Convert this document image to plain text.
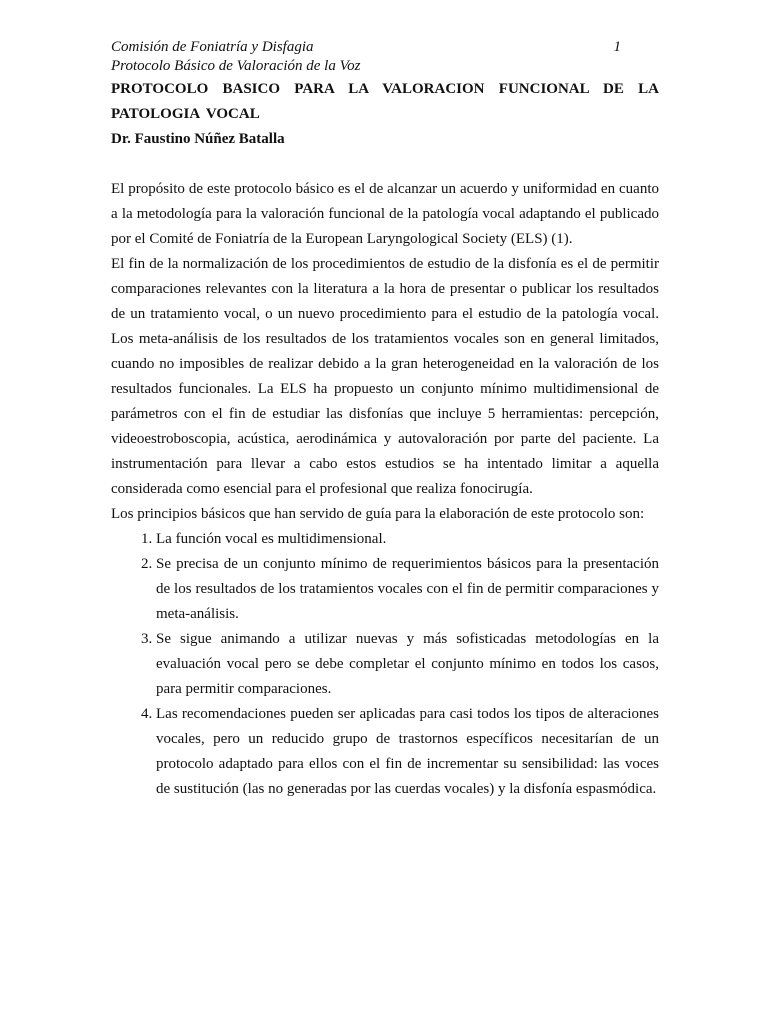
Comisión de Foniatría y Disfagia
Protocolo Básico de Valoración de la Voz
1
PROTOCOLO BASICO PARA LA VALORACION FUNCIONAL DE LA PATOLOGIA VOCAL
Dr. Faustino Núñez Batalla

El propósito de este protocolo básico es el de alcanzar un acuerdo y uniformidad en cuanto a la metodología para la valoración funcional de la patología vocal adaptando el publicado por el Comité de Foniatría de la European Laryngological Society (ELS) (1).

El fin de la normalización de los procedimientos de estudio de la disfonía es el de permitir comparaciones relevantes con la literatura a la hora de presentar o publicar los resultados de un tratamiento vocal, o un nuevo procedimiento para el estudio de la patología vocal. Los meta-análisis de los resultados de los tratamientos vocales son en general limitados, cuando no imposibles de realizar debido a la gran heterogeneidad en la valoración de los resultados funcionales. La ELS ha propuesto un conjunto mínimo multidimensional de parámetros con el fin de estudiar las disfonías que incluye 5 herramientas: percepción, videoestroboscopia, acústica, aerodinámica y autovaloración por parte del paciente. La instrumentación para llevar a cabo estos estudios se ha intentado limitar a aquella considerada como esencial para el profesional que realiza fonocirugía.

Los principios básicos que han servido de guía para la elaboración de este protocolo son:

1. La función vocal es multidimensional.
2. Se precisa de un conjunto mínimo de requerimientos básicos para la presentación de los resultados de los tratamientos vocales con el fin de permitir comparaciones y meta-análisis.
3. Se sigue animando a utilizar nuevas y más sofisticadas metodologías en la evaluación vocal pero se debe completar el conjunto mínimo en todos los casos, para permitir comparaciones.
4. Las recomendaciones pueden ser aplicadas para casi todos los tipos de alteraciones vocales, pero un reducido grupo de trastornos específicos necesitarían de un protocolo adaptado para ellos con el fin de incrementar su sensibilidad: las voces de sustitución (las no generadas por las cuerdas vocales) y la disfonía espasmódica.
